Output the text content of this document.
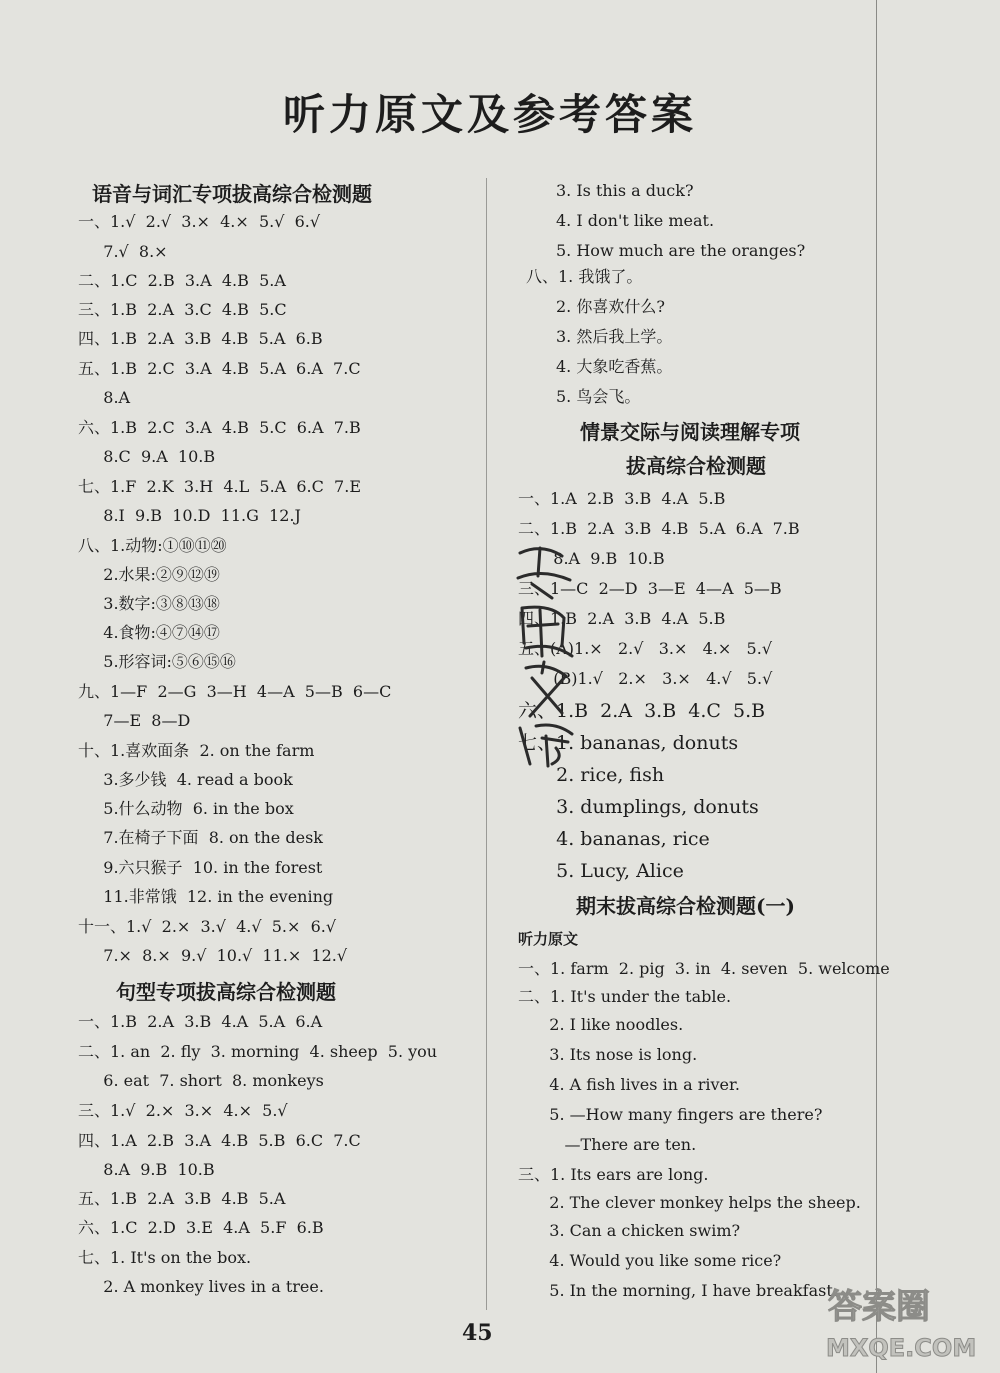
听力原文及参考答案
语音与词汇专项拔高综合检测题
一、1.√  2.√  3.×  4.×  5.√  6.√
7.√  8.×
二、1.C  2.B  3.A  4.B  5.A
三、1.B  2.A  3.C  4.B  5.C
四、1.B  2.A  3.B  4.B  5.A  6.B
五、1.B  2.C  3.A  4.B  5.A  6.A  7.C
8.A
六、1.B  2.C  3.A  4.B  5.C  6.A  7.B
8.C  9.A  10.B
七、1.F  2.K  3.H  4.L  5.A  6.C  7.E
8.I  9.B  10.D  11.G  12.J
八、1.动物:①⑩⑪⑳
2.水果:②⑨⑫⑲
3.数字:③⑧⑬⑱
4.食物:④⑦⑭⑰
5.形容词:⑤⑥⑮⑯
九、1—F  2—G  3—H  4—A  5—B  6—C
7—E  8—D
十、1.喜欢面条  2. on the farm
3.多少钱  4. read a book
5.什么动物  6. in the box
7.在椅子下面  8. on the desk
9.六只猴子  10. in the forest
11.非常饿  12. in the evening
十一、1.√  2.×  3.√  4.√  5.×  6.√
7.×  8.×  9.√  10.√  11.×  12.√
句型专项拔高综合检测题
一、1.B  2.A  3.B  4.A  5.A  6.A
二、1. an  2. fly  3. morning  4. sheep  5. you
6. eat  7. short  8. monkeys
三、1.√  2.×  3.×  4.×  5.√
四、1.A  2.B  3.A  4.B  5.B  6.C  7.C
8.A  9.B  10.B
五、1.B  2.A  3.B  4.B  5.A
六、1.C  2.D  3.E  4.A  5.F  6.B
七、1. It's on the box.
2. A monkey lives in a tree.
3. Is this a duck?
4. I don't like meat.
5. How much are the oranges?
八、1. 我饿了。
2. 你喜欢什么?
3. 然后我上学。
4. 大象吃香蕉。
5. 鸟会飞。
情景交际与阅读理解专项
拔高综合检测题
一、1.A  2.B  3.B  4.A  5.B
二、1.B  2.A  3.B  4.B  5.A  6.A  7.B
8.A  9.B  10.B
三、1—C  2—D  3—E  4—A  5—B
四、1.B  2.A  3.B  4.A  5.B
五、(A)1.×   2.√   3.×   4.×   5.√
(B)1.√   2.×   3.×   4.√   5.√
六、1.B  2.A  3.B  4.C  5.B
七、1. bananas, donuts
2. rice, fish
3. dumplings, donuts
4. bananas, rice
5. Lucy, Alice
期末拔高综合检测题(一)
听力原文
一、1. farm  2. pig  3. in  4. seven  5. welcome
二、1. It's under the table.
2. I like noodles.
3. Its nose is long.
4. A fish lives in a river.
5. —How many fingers are there?
—There are ten.
三、1. Its ears are long.
2. The clever monkey helps the sheep.
3. Can a chicken swim?
4. Would you like some rice?
5. In the morning, I have breakfast.
45
答案圈
MXQE.COM
